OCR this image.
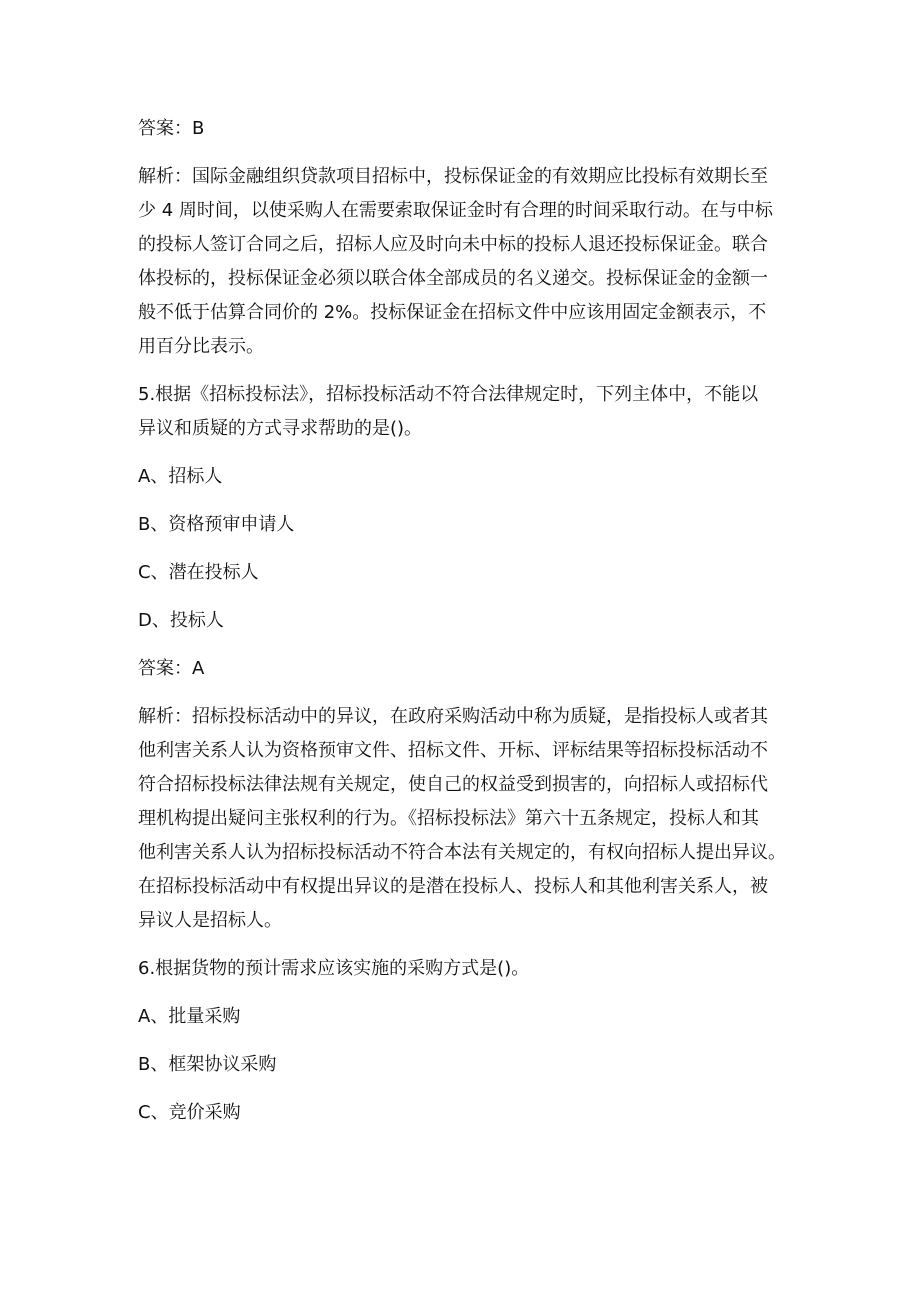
答案：B

解析：国际金融组织贷款项目招标中，投标保证金的有效期应比投标有效期长至

少 4 周时间，以使采购人在需要索取保证金时有合理的时间采取行动。在与中标

的投标人签订合同之后，招标人应及时向未中标的投标人退还投标保证金。联合

体投标的，投标保证金必须以联合体全部成员的名义递交。投标保证金的金额一

般不低于估算合同价的 2%。投标保证金在招标文件中应该用固定金额表示，不

用百分比表示。

5.根据《招标投标法》，招标投标活动不符合法律规定时，下列主体中，不能以

异议和质疑的方式寻求帮助的是()。

A、招标人

B、资格预审申请人

C、潜在投标人

D、投标人

答案：A

解析：招标投标活动中的异议，在政府采购活动中称为质疑，是指投标人或者其

他利害关系人认为资格预审文件、招标文件、开标、评标结果等招标投标活动不

符合招标投标法律法规有关规定，使自己的权益受到损害的，向招标人或招标代

理机构提出疑问主张权利的行为。《招标投标法》第六十五条规定，投标人和其

他利害关系人认为招标投标活动不符合本法有关规定的，有权向招标人提出异议。

在招标投标活动中有权提出异议的是潜在投标人、投标人和其他利害关系人，被

异议人是招标人。

6.根据货物的预计需求应该实施的采购方式是()。

A、批量采购

B、框架协议采购

C、竞价采购
